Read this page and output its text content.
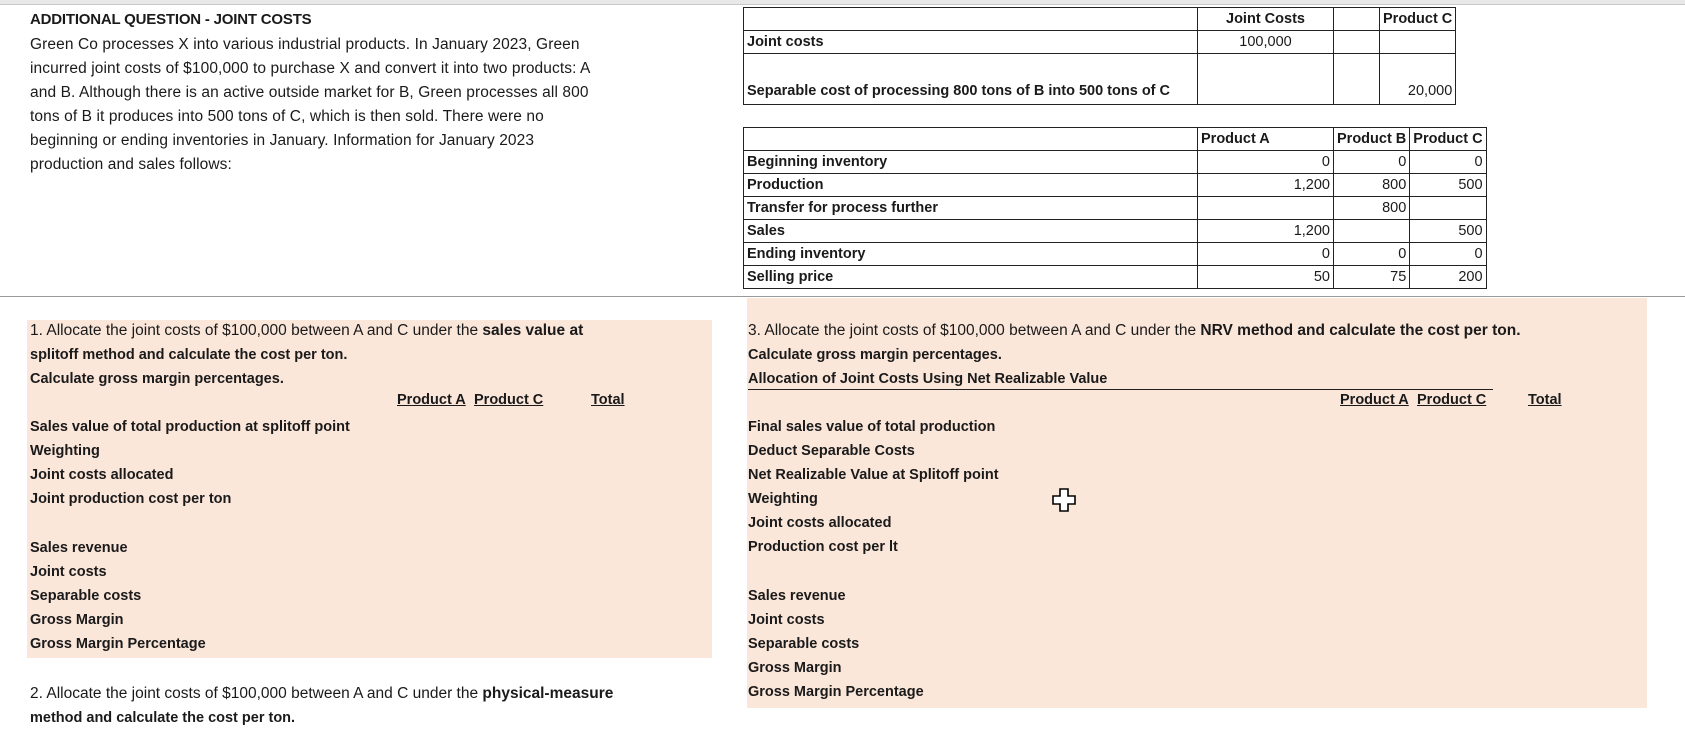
ADDITIONAL QUESTION - JOINT COSTS
Green Co processes X into various industrial products. In January 2023, Green
incurred joint costs of $100,000 to purchase X and convert it into two products: A
and B. Although there is an active outside market for B, Green processes all 800
tons of B it produces into 500 tons of C, which is then sold. There were no
beginning or ending inventories in January. Information for January 2023
production and sales follows:
	Joint Costs		Product C
Joint costs	100,000		
Separable cost of processing 800 tons of B into 500 tons of C			20,000
	Product A	Product B	Product C
Beginning inventory	0	0	0
Production	1,200	800	500
Transfer for process further		800	
Sales	1,200		500
Ending inventory	0	0	0
Selling price	50	75	200
1. Allocate the joint costs of $100,000 between A and C under the sales value at
splitoff method and calculate the cost per ton.
Calculate gross margin percentages.
Product A Product C	Total
Sales value of total production at splitoff point
Weighting
Joint costs allocated
Joint production cost per ton
Sales revenue
Joint costs
Separable costs
Gross Margin
Gross Margin Percentage
2. Allocate the joint costs of $100,000 between A and C under the physical-measure
method and calculate the cost per ton.
3. Allocate the joint costs of $100,000 between A and C under the NRV method and calculate the cost per ton.
Calculate gross margin percentages.
Allocation of Joint Costs Using Net Realizable Value
Product A Product C	Total
Final sales value of total production
Deduct Separable Costs
Net Realizable Value at Splitoff point
Weighting
Joint costs allocated
Production cost per lt
Sales revenue
Joint costs
Separable costs
Gross Margin
Gross Margin Percentage
